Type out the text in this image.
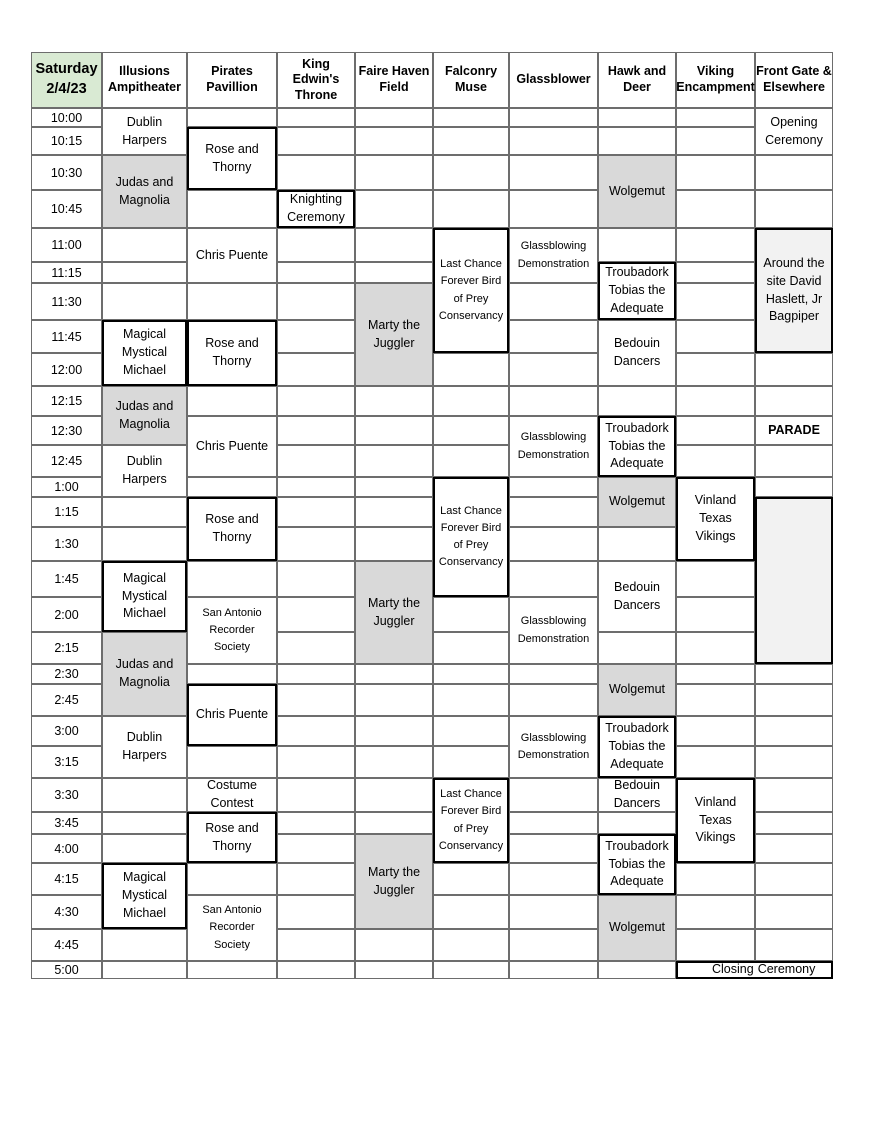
Saturday
2/4/23
Illusions
Ampitheater
Pirates
Pavillion
King Edwin's
Throne
Faire Haven
Field
Falconry
Muse
Glassblower
Hawk and
Deer
Viking
Encampment
Front Gate &
Elsewhere
10:00
10:15
10:30
10:45
11:00
11:15
11:30
11:45
12:00
12:15
12:30
12:45
1:00
1:15
1:30
1:45
2:00
2:15
2:30
2:45
3:00
3:15
3:30
3:45
4:00
4:15
4:30
4:45
5:00
Dublin
Harpers
Judas and
Magnolia
Magical
Mystical
Michael
Judas and
Magnolia
Dublin
Harpers
Magical
Mystical
Michael
Judas and
Magnolia
Dublin
Harpers
Magical
Mystical
Michael
Rose and
Thorny
Chris Puente
Rose and
Thorny
Chris Puente
Rose and
Thorny
San Antonio
Recorder
Society
Chris Puente
Costume
Contest
Rose and
Thorny
San Antonio
Recorder
Society
Knighting
Ceremony
Marty the
Juggler
Marty the
Juggler
Marty the
Juggler
Last Chance
Forever Bird
of Prey
Conservancy
Last Chance
Forever Bird
of Prey
Conservancy
Last Chance
Forever Bird
of Prey
Conservancy
Glassblowing
Demonstration
Glassblowing
Demonstration
Glassblowing
Demonstration
Glassblowing
Demonstration
Wolgemut
Troubadork
Tobias the
Adequate
Bedouin
Dancers
Troubadork
Tobias the
Adequate
Wolgemut
Bedouin
Dancers
Wolgemut
Troubadork
Tobias the
Adequate
Bedouin
Dancers
Troubadork
Tobias the
Adequate
Wolgemut
Vinland
Texas
Vikings
Vinland
Texas
Vikings
Opening
Ceremony
Around the
site David
Haslett, Jr
Bagpiper
PARADE
Closing Ceremony
